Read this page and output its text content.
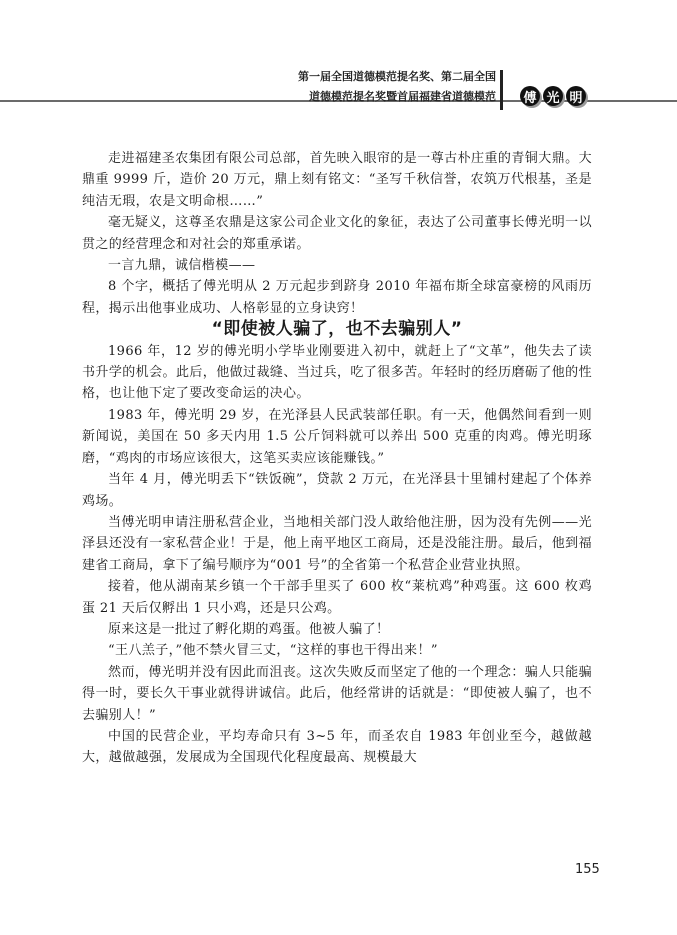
第一届全国道德模范提名奖、第二届全国
道德模范提名奖暨首届福建省道德模范 傅 光 明

走进福建圣农集团有限公司总部，首先映入眼帘的是一尊古朴庄重的青铜大鼎。大鼎重 9999 斤，造价 20 万元，鼎上刻有铭文：“圣写千秋信誉，农筑万代根基，圣是纯洁无瑕，农是文明命根……”

毫无疑义，这尊圣农鼎是这家公司企业文化的象征，表达了公司董事长傅光明一以贯之的经营理念和对社会的郑重承诺。

一言九鼎，诚信楷模——

8 个字，概括了傅光明从 2 万元起步到跻身 2010 年福布斯全球富豪榜的风雨历程，揭示出他事业成功、人格彰显的立身诀窍！

“即使被人骗了，也不去骗别人”

1966 年，12 岁的傅光明小学毕业刚要进入初中，就赶上了“文革”，他失去了读书升学的机会。此后，他做过裁缝、当过兵，吃了很多苦。年轻时的经历磨砺了他的性格，也让他下定了要改变命运的决心。

1983 年，傅光明 29 岁，在光泽县人民武装部任职。有一天，他偶然间看到一则新闻说，美国在 50 多天内用 1.5 公斤饲料就可以养出 500 克重的肉鸡。傅光明琢磨，“鸡肉的市场应该很大，这笔买卖应该能赚钱。”

当年 4 月，傅光明丢下“铁饭碗”，贷款 2 万元，在光泽县十里铺村建起了个体养鸡场。

当傅光明申请注册私营企业，当地相关部门没人敢给他注册，因为没有先例——光泽县还没有一家私营企业！于是，他上南平地区工商局，还是没能注册。最后，他到福建省工商局，拿下了编号顺序为“001 号”的全省第一个私营企业营业执照。

接着，他从湖南某乡镇一个干部手里买了 600 枚“莱杭鸡”种鸡蛋。这 600 枚鸡蛋 21 天后仅孵出 1 只小鸡，还是只公鸡。

原来这是一批过了孵化期的鸡蛋。他被人骗了！

“王八羔子，”他不禁火冒三丈，“这样的事也干得出来！”

然而，傅光明并没有因此而沮丧。这次失败反而坚定了他的一个理念：骗人只能骗得一时，要长久干事业就得讲诚信。此后，他经常讲的话就是：“即使被人骗了，也不去骗别人！”

中国的民营企业，平均寿命只有 3~5 年，而圣农自 1983 年创业至今，越做越大，越做越强，发展成为全国现代化程度最高、规模最大

155
